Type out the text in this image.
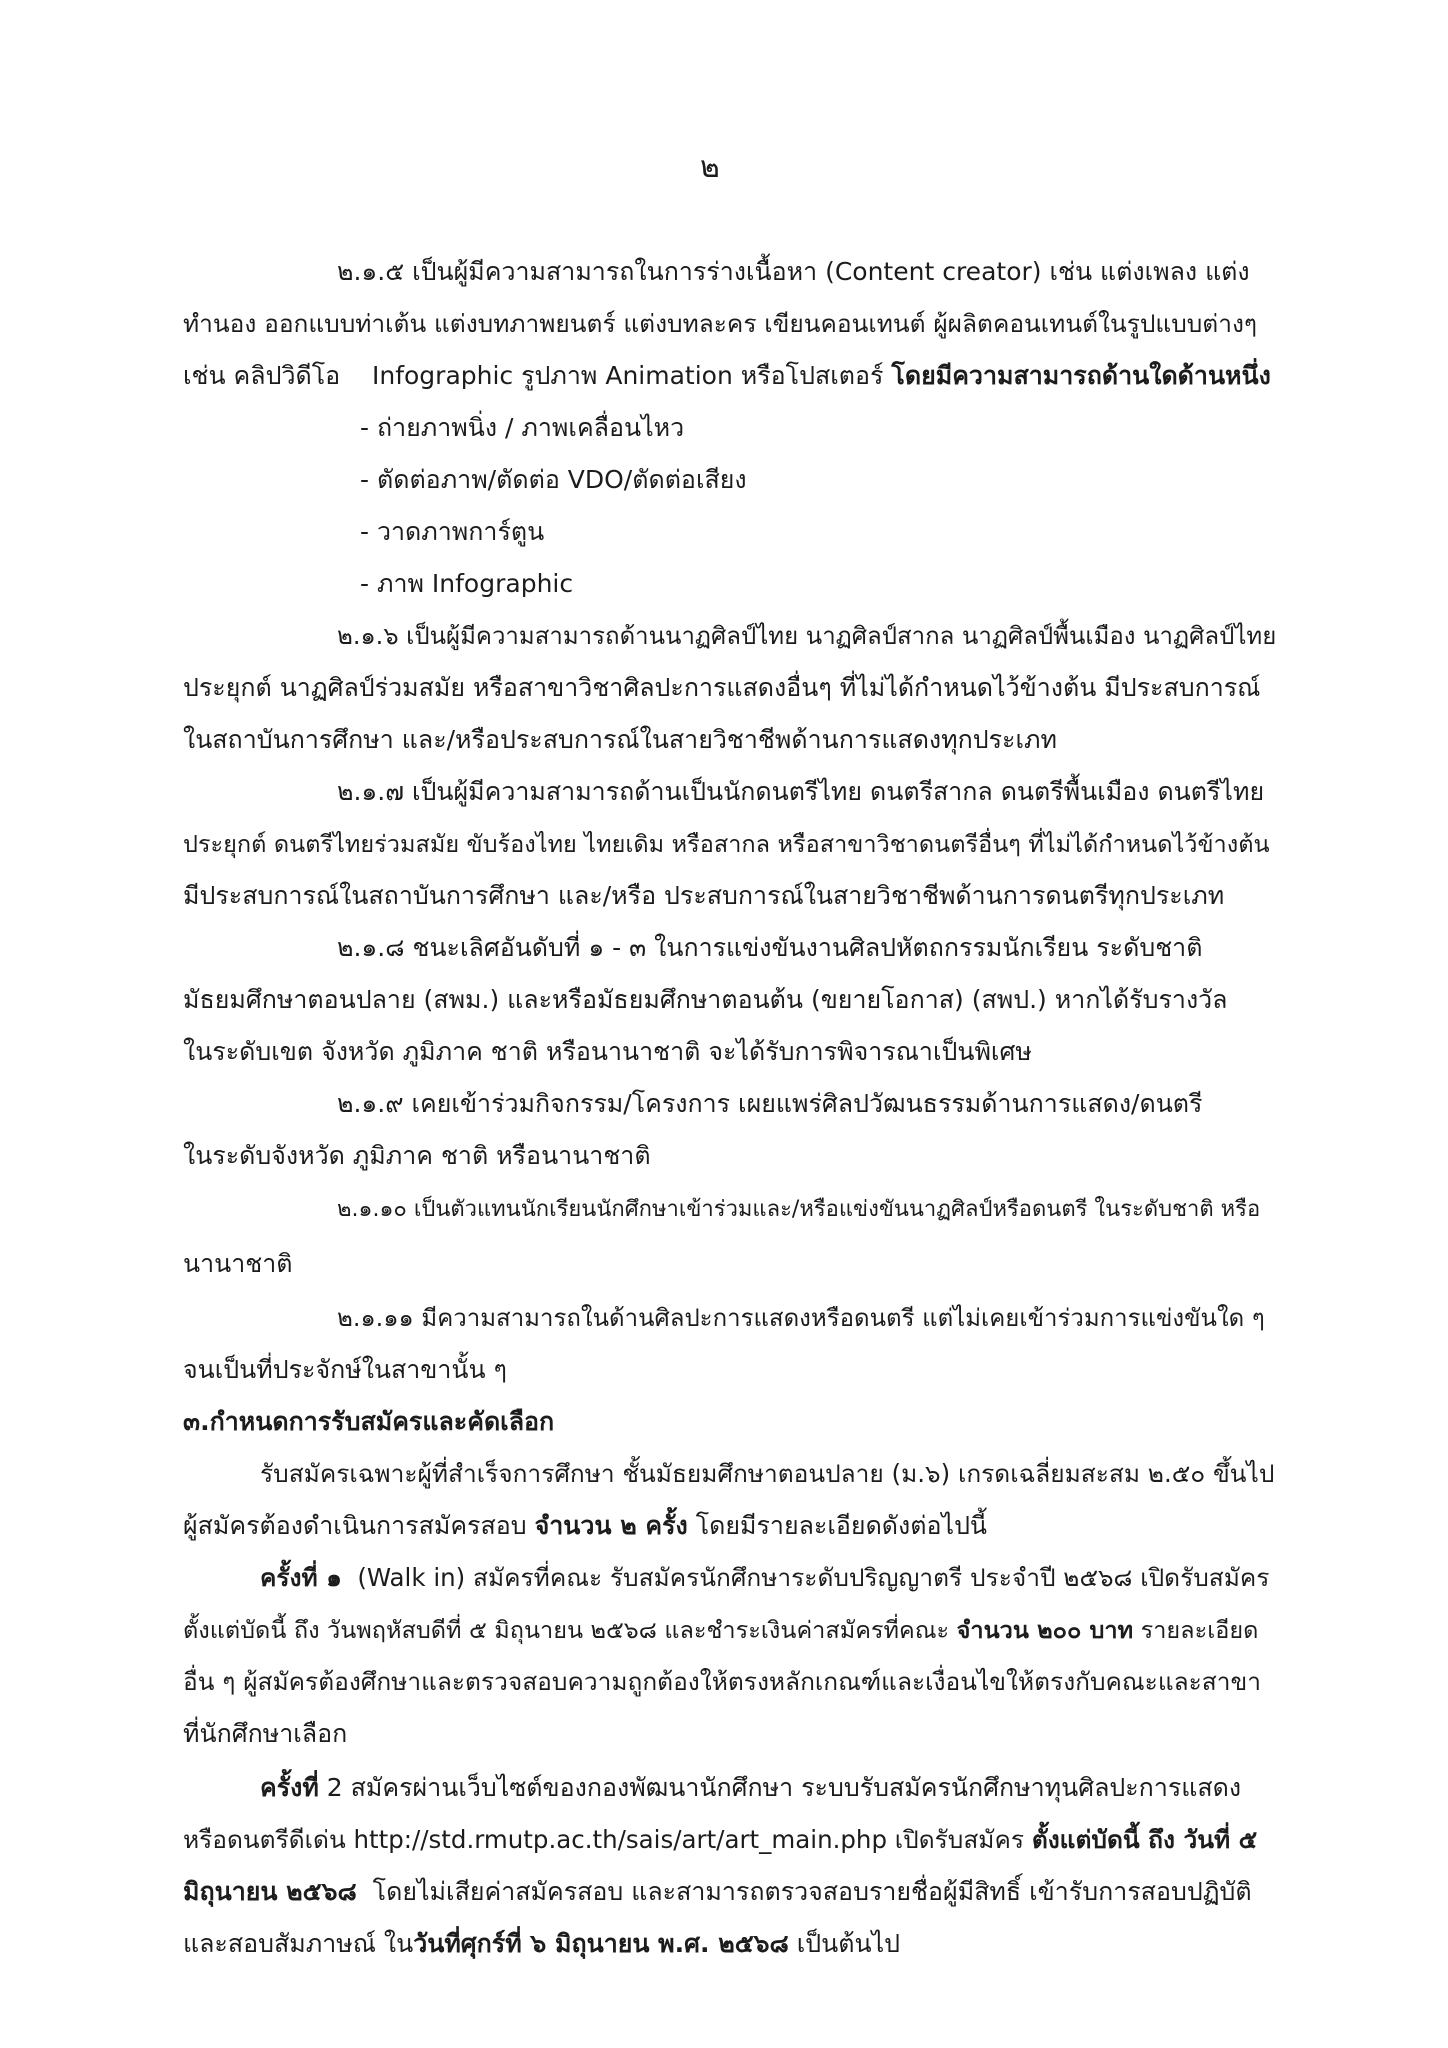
๒
๒.๑.๕ เป็นผู้มีความสามารถในการร่างเนื้อหา (Content creator) เช่น แต่งเพลง แต่ง
ทำนอง ออกแบบท่าเต้น แต่งบทภาพยนตร์ แต่งบทละคร เขียนคอนเทนต์ ผู้ผลิตคอนเทนต์ในรูปแบบต่างๆ
เช่น คลิปวิดีโอ Infographic รูปภาพ Animation หรือโปสเตอร์ โดยมีความสามารถด้านใดด้านหนึ่ง
- ถ่ายภาพนิ่ง / ภาพเคลื่อนไหว
- ตัดต่อภาพ/ตัดต่อ VDO/ตัดต่อเสียง
- วาดภาพการ์ตูน
- ภาพ Infographic
๒.๑.๖ เป็นผู้มีความสามารถด้านนาฏศิลป์ไทย นาฏศิลป์สากล นาฏศิลป์พื้นเมือง นาฏศิลป์ไทย
ประยุกต์ นาฏศิลป์ร่วมสมัย หรือสาขาวิชาศิลปะการแสดงอื่นๆ ที่ไม่ได้กำหนดไว้ข้างต้น มีประสบการณ์
ในสถาบันการศึกษา และ/หรือประสบการณ์ในสายวิชาชีพด้านการแสดงทุกประเภท
๒.๑.๗ เป็นผู้มีความสามารถด้านเป็นนักดนตรีไทย ดนตรีสากล ดนตรีพื้นเมือง ดนตรีไทย
ประยุกต์ ดนตรีไทยร่วมสมัย ขับร้องไทย ไทยเดิม หรือสากล หรือสาขาวิชาดนตรีอื่นๆ ที่ไม่ได้กำหนดไว้ข้างต้น
มีประสบการณ์ในสถาบันการศึกษา และ/หรือ ประสบการณ์ในสายวิชาชีพด้านการดนตรีทุกประเภท
๒.๑.๘ ชนะเลิศอันดับที่ ๑ - ๓ ในการแข่งขันงานศิลปหัตถกรรมนักเรียน ระดับชาติ
มัธยมศึกษาตอนปลาย (สพม.) และหรือมัธยมศึกษาตอนต้น (ขยายโอกาส) (สพป.) หากได้รับรางวัล
ในระดับเขต จังหวัด ภูมิภาค ชาติ หรือนานาชาติ จะได้รับการพิจารณาเป็นพิเศษ
๒.๑.๙ เคยเข้าร่วมกิจกรรม/โครงการ เผยแพร่ศิลปวัฒนธรรมด้านการแสดง/ดนตรี
ในระดับจังหวัด ภูมิภาค ชาติ หรือนานาชาติ
๒.๑.๑๐ เป็นตัวแทนนักเรียนนักศึกษาเข้าร่วมและ/หรือแข่งขันนาฏศิลป์หรือดนตรี ในระดับชาติ หรือ
นานาชาติ
๒.๑.๑๑ มีความสามารถในด้านศิลปะการแสดงหรือดนตรี แต่ไม่เคยเข้าร่วมการแข่งขันใด ๆ
จนเป็นที่ประจักษ์ในสาขานั้น ๆ
๓.กำหนดการรับสมัครและคัดเลือก
รับสมัครเฉพาะผู้ที่สำเร็จการศึกษา ชั้นมัธยมศึกษาตอนปลาย (ม.๖) เกรดเฉลี่ยมสะสม ๒.๕๐ ขึ้นไป
ผู้สมัครต้องดำเนินการสมัครสอบ จำนวน ๒ ครั้ง โดยมีรายละเอียดดังต่อไปนี้
ครั้งที่ ๑ (Walk in) สมัครที่คณะ รับสมัครนักศึกษาระดับปริญญาตรี ประจำปี ๒๕๖๘ เปิดรับสมัคร
ตั้งแต่บัดนี้ ถึง วันพฤหัสบดีที่ ๕ มิถุนายน ๒๕๖๘ และชำระเงินค่าสมัครที่คณะ จำนวน ๒๐๐ บาท รายละเอียด
อื่น ๆ ผู้สมัครต้องศึกษาและตรวจสอบความถูกต้องให้ตรงหลักเกณฑ์และเงื่อนไขให้ตรงกับคณะและสาขา
ที่นักศึกษาเลือก
ครั้งที่ 2 สมัครผ่านเว็บไซต์ของกองพัฒนานักศึกษา ระบบรับสมัครนักศึกษาทุนศิลปะการแสดง
หรือดนตรีดีเด่น http://std.rmutp.ac.th/sais/art/art_main.php เปิดรับสมัคร ตั้งแต่บัดนี้ ถึง วันที่ ๕
มิถุนายน ๒๕๖๘ โดยไม่เสียค่าสมัครสอบ และสามารถตรวจสอบรายชื่อผู้มีสิทธิ์ เข้ารับการสอบปฏิบัติ
และสอบสัมภาษณ์ ในวันที่ศุกร์ที่ ๖ มิถุนายน พ.ศ. ๒๕๖๘ เป็นต้นไป
